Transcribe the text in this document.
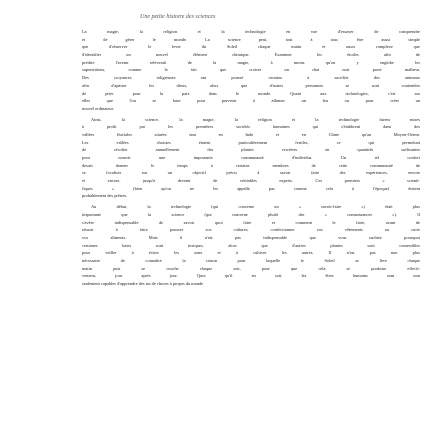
Une petite histoire des sciences
La magie, la religion et la technologie en vue d'essayer de comprendre
et de gérer le monde. La science peut, tout à tour, être aussi simple
que d'observer le lever du Soleil chaque matin et aussi complexe que
d'identifier un nouvel élément chimique. Examiner les étoiles afin de
prédire l'avenir relèverait de la magie, à moins qu'on y englobe les
superstitions, comme le fait que croiser un chat noir porte malheur.
Des croyances religieuses ont poussé certains à sacrifier des animaux
afin d'apaiser les dieux, alors que d'autres personnes se sont contentées
de prier pour la paix dans le monde. Quant aux technologies, c'est sur
elles que l'on se base pour parvenir à allumer un feu ou pour créer un
nouvel ordinateur.
Ainsi, la science, la magie, la religion et la technologie furent mises
à profit par les premières sociétés humaines qui s'établirent dans des
vallées fluviales situées tant en Inde et en Chine qu'au Moyen-Orient.
Les vallées choisies étaient particulièrement fertiles, ce qui permettait
de récolter annuellement des plantes vivrières en quantités suffisantes
pour nourrir une importante communauté d'individus. Un tel confort
devait donner le temps à certains membres de cette communauté de
se focaliser sur un objectif précis à savoir faire des expériences, encore
et encore, jusqu'à devenir de véritables experts. Ces premiers « scienti-
fiques » (bien qu'on ne les appelât pas comme cela à l'époque) étaient
probablement des prêtres.
Au début, la technologie (qui concerne un « savoir-faire ») était plus
importante que la science (qui concerne plutôt des « connaissances »). Il
s'avère indispensable de savoir quoi faire et comment le faire, avant de
réussir à faire pousser vos cultures, confectionner vos vêtements ou cuire
vos aliments. Mais il n'est pas indispensable que vous sachiez pourquoi
certaines baies sont toxiques, alors que d'autres plantes sont comestibles
pour veiller à éviter les unes et à cultiver les autres. Il n'est pas non plus
nécessaire de connaître la raison pour laquelle le Soleil se lève chaque
matin puis se couche chaque soir, pour que cela se produise effecti-
vement, jour après jour. Quoi qu'il en soit, les êtres humains sont non
seulement capables d'apprendre des tas de choses à propos du monde
